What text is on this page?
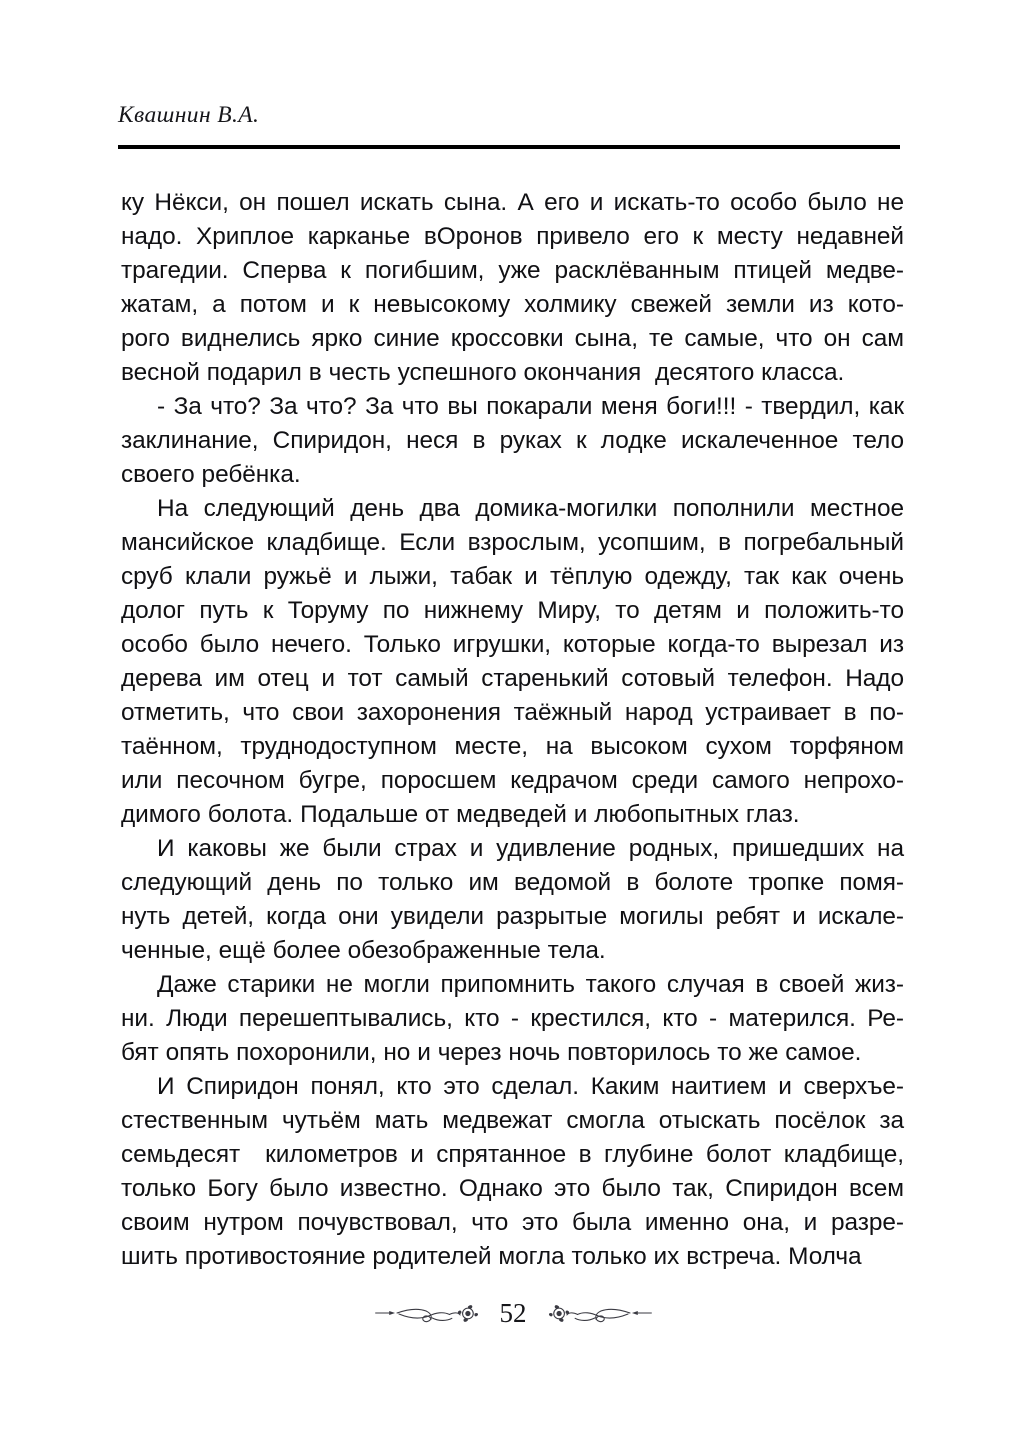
Квашнин В.А.

ку Нёкси, он пошел искать сына. А его и искать-то особо было не
надо. Хриплое карканье вОронов привело его к месту недавней
трагедии. Сперва к погибшим, уже расклёванным птицей медве-
жатам, а потом и к невысокому холмику свежей земли из кото-
рого виднелись ярко синие кроссовки сына, те самые, что он сам
весной подарил в честь успешного окончания  десятого класса.

- За что? За что? За что вы покарали меня боги!!! - твердил, как
заклинание, Спиридон, неся в руках к лодке искалеченное тело
своего ребёнка.

На следующий день два домика-могилки пополнили местное
мансийское кладбище. Если взрослым, усопшим, в погребальный
сруб клали ружьё и лыжи, табак и тёплую одежду, так как очень
долог путь к Торуму по нижнему Миру, то детям и положить-то
особо было нечего. Только игрушки, которые когда-то вырезал из
дерева им отец и тот самый старенький сотовый телефон. Надо
отметить, что свои захоронения таёжный народ устраивает в по-
таённом, труднодоступном месте, на высоком сухом торфяном
или песочном бугре, поросшем кедрачом среди самого непрохо-
димого болота. Подальше от медведей и любопытных глаз.

И каковы же были страх и удивление родных, пришедших на
следующий день по только им ведомой в болоте тропке помя-
нуть детей, когда они увидели разрытые могилы ребят и искале-
ченные, ещё более обезображенные тела.

Даже старики не могли припомнить такого случая в своей жиз-
ни. Люди перешептывались, кто - крестился, кто - матерился. Ре-
бят опять похоронили, но и через ночь повторилось то же самое.

И Спиридон понял, кто это сделал. Каким наитием и сверхъе-
стественным чутьём мать медвежат смогла отыскать посёлок за
семьдесят  километров и спрятанное в глубине болот кладбище,
только Богу было известно. Однако это было так, Спиридон всем
своим нутром почувствовал, что это была именно она, и разре-
шить противостояние родителей могла только их встреча. Молча

52
